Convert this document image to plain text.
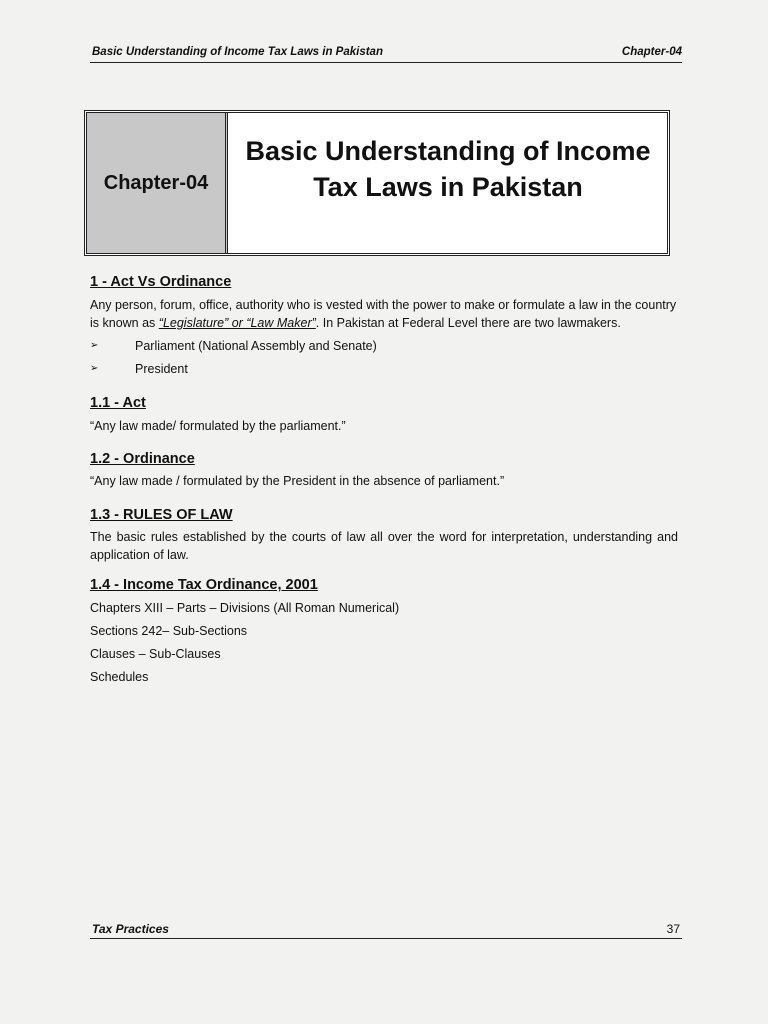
Basic Understanding of Income Tax Laws in Pakistan	Chapter-04
Chapter-04
Basic Understanding of Income
Tax Laws in Pakistan
1 - Act Vs Ordinance

Any person, forum, office, authority who is vested with the power to make or formulate a law in the country
is known as “Legislature” or “Law Maker”. In Pakistan at Federal Level there are two lawmakers.

➢	Parliament (National Assembly and Senate)
➢	President
1.1 - Act

“Any law made/ formulated by the parliament.”

1.2 - Ordinance

“Any law made / formulated by the President in the absence of parliament.”

1.3 - RULES OF LAW

The basic rules established by the courts of law all over the word for interpretation, understanding and application of law.

1.4 - Income Tax Ordinance, 2001

Chapters XIII – Parts – Divisions (All Roman Numerical)

Sections 242– Sub-Sections

Clauses – Sub-Clauses

Schedules

Tax Practices	37
